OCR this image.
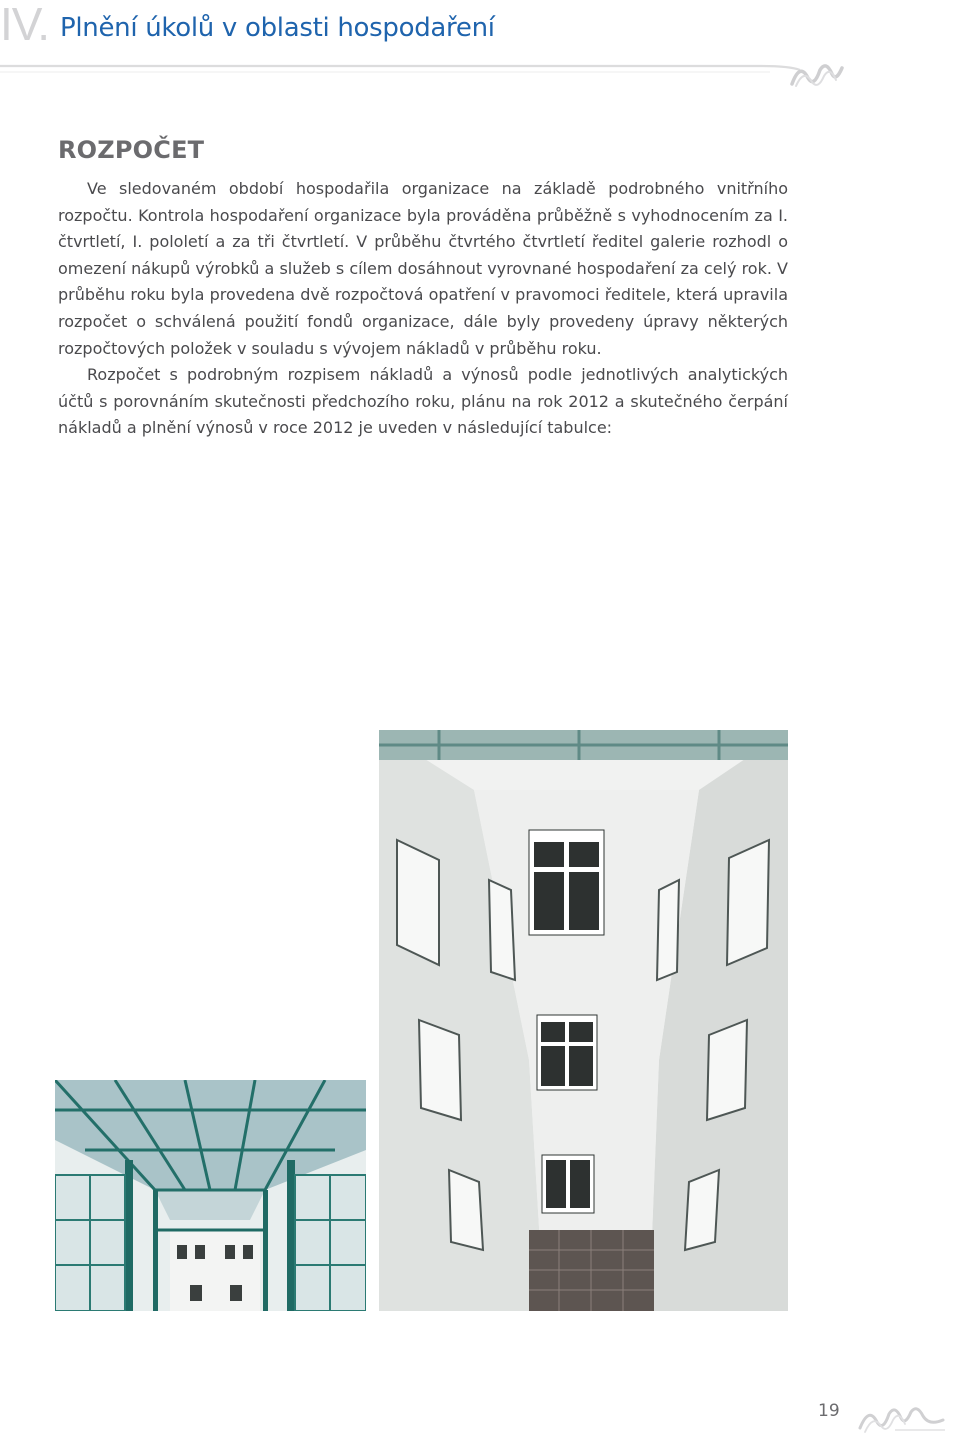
IV. Plnění úkolů v oblasti hospodaření
ROZPOČET

Ve sledovaném období hospodařila organizace na základě podrobného vnitřního rozpočtu. Kontrola hospodaření organizace byla prováděna průběžně s vyhodnocením za I. čtvrtletí, I. pololetí a za tři čtvrtletí. V průběhu čtvrtého čtvrtletí ředitel galerie rozhodl o omezení nákupů výrobků a služeb s cílem dosáhnout vyrovnané hospodaření za celý rok. V průběhu roku byla provedena dvě rozpočtová opatření v pravomoci ředitele, která upravila rozpočet o schválená použití fondů organizace, dále byly provedeny úpravy některých rozpočtových položek v souladu s vývojem nákladů v průběhu roku.

Rozpočet s podrobným rozpisem nákladů a výnosů podle jednotlivých analytických účtů s porovnáním skutečnosti předchozího roku, plánu na rok 2012 a skutečného čerpání nákladů a plnění výnosů v roce 2012 je uveden v následující tabulce:

19
